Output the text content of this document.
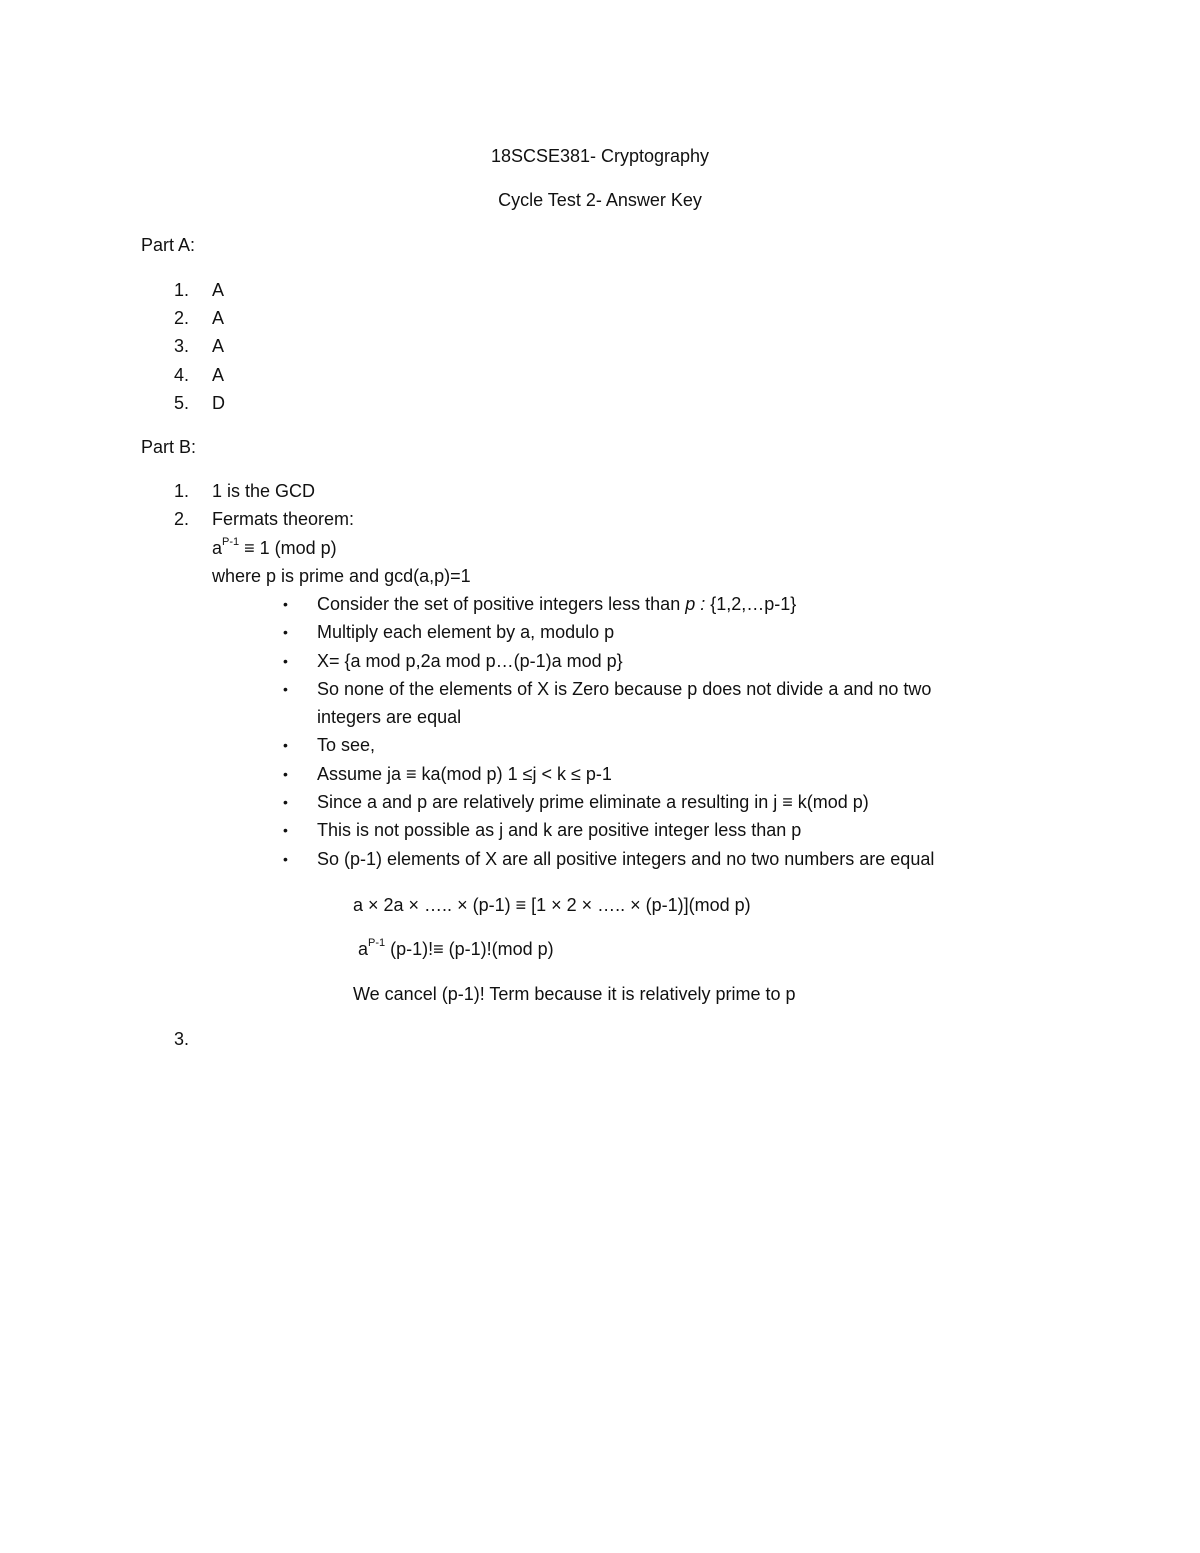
18SCSE381- Cryptography
Cycle Test 2- Answer Key
Part A:
1.	A
2.	A
3.	A
4.	A
5.	D
Part B:
1.	1 is the GCD
2.	Fermats theorem:
$a^{P-1} \equiv 1$ (mod p)
where p is prime and gcd(a,p)=1
• Consider the set of positive integers less than p : {1,2,…p-1}
• Multiply each element by a, modulo p
• X= {a mod p,2a mod p…(p-1)a mod p}
• So none of the elements of X is Zero because p does not divide a and no two
integers are equal
• To see,
• Assume ja ≡ ka(mod p) 1 ≤j < k ≤ p-1
• Since a and p are relatively prime eliminate a resulting in j ≡ k(mod p)
• This is not possible as j and k are positive integer less than p
• So (p-1) elements of X are all positive integers and no two numbers are equal
a × 2a × ….. × (p-1) ≡ [1 × 2 × ….. × (p-1)](mod p)
$a^{P-1}$ (p-1)!≡ (p-1)!(mod p)
We cancel (p-1)! Term because it is relatively prime to p
3.
